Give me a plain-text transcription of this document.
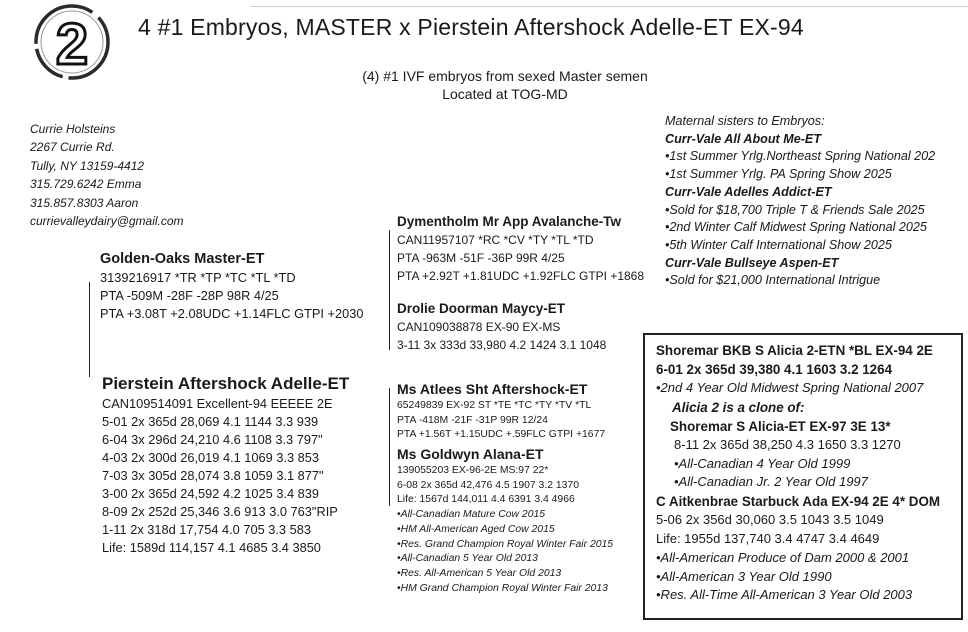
2 4 #1 Embryos, MASTER x Pierstein Aftershock Adelle-ET EX-94
(4) #1 IVF embryos from sexed Master semen
Located at TOG-MD
Currie Holsteins
2267 Currie Rd.
Tully, NY 13159-4412
315.729.6242 Emma
315.857.8303 Aaron
currievalleydairy@gmail.com
Maternal sisters to Embryos:
Curr-Vale All About Me-ET
•1st Summer Yrlg.Northeast Spring National 202
•1st Summer Yrlg. PA Spring Show 2025
Curr-Vale Adelles Addict-ET
•Sold for $18,700 Triple T & Friends Sale 2025
•2nd Winter Calf Midwest Spring National 2025
•5th Winter Calf International Show 2025
Curr-Vale Bullseye Aspen-ET
•Sold for $21,000 International Intrigue
Golden-Oaks Master-ET
3139216917 *TR *TP *TC *TL *TD
PTA -509M -28F -28P 98R 4/25
PTA +3.08T +2.08UDC +1.14FLC GTPI +2030
Dymentholm Mr App Avalanche-Tw
CAN11957107 *RC *CV *TY *TL *TD
PTA -963M -51F -36P 99R 4/25
PTA +2.92T +1.81UDC +1.92FLC GTPI +1868
Drolie Doorman Maycy-ET
CAN109038878 EX-90 EX-MS
3-11 3x 333d 33,980 4.2 1424 3.1 1048
Pierstein Aftershock Adelle-ET
CAN109514091 Excellent-94 EEEEE 2E
5-01 2x 365d 28,069 4.1 1144 3.3 939
6-04 3x 296d 24,210 4.6 1108 3.3 797"
4-03 2x 300d 26,019 4.1 1069 3.3 853
7-03 3x 305d 28,074 3.8 1059 3.1 877"
3-00 2x 365d 24,592 4.2 1025 3.4 839
8-09 2x 252d 25,346 3.6 913 3.0 763"RIP
1-11 2x 318d 17,754 4.0 705 3.3 583
Life: 1589d 114,157 4.1 4685 3.4 3850
Ms Atlees Sht Aftershock-ET
65249839 EX-92 ST *TE *TC *TY *TV *TL
PTA -418M -21F -31P 99R 12/24
PTA +1.56T +1.15UDC +.59FLC GTPI +1677
Ms Goldwyn Alana-ET
139055203 EX-96-2E MS:97 22*
6-08 2x 365d 42,476 4.5 1907 3.2 1370
Life: 1567d 144,011 4.4 6391 3.4 4966
•All-Canadian Mature Cow 2015
•HM All-American Aged Cow 2015
•Res. Grand Champion Royal Winter Fair 2015
•All-Canadian 5 Year Old 2013
•Res. All-American 5 Year Old 2013
•HM Grand Champion Royal Winter Fair 2013
Shoremar BKB S Alicia 2-ETN *BL EX-94 2E
6-01 2x 365d 39,380 4.1 1603 3.2 1264
•2nd 4 Year Old Midwest Spring National 2007
Alicia 2 is a clone of:
Shoremar S Alicia-ET EX-97 3E 13*
8-11 2x 365d 38,250 4.3 1650 3.3 1270
•All-Canadian 4 Year Old 1999
•All-Canadian Jr. 2 Year Old 1997
C Aitkenbrae Starbuck Ada EX-94 2E 4* DOM
5-06 2x 356d 30,060 3.5 1043 3.5 1049
Life: 1955d 137,740 3.4 4747 3.4 4649
•All-American Produce of Dam 2000 & 2001
•All-American 3 Year Old 1990
•Res. All-Time All-American 3 Year Old 2003
